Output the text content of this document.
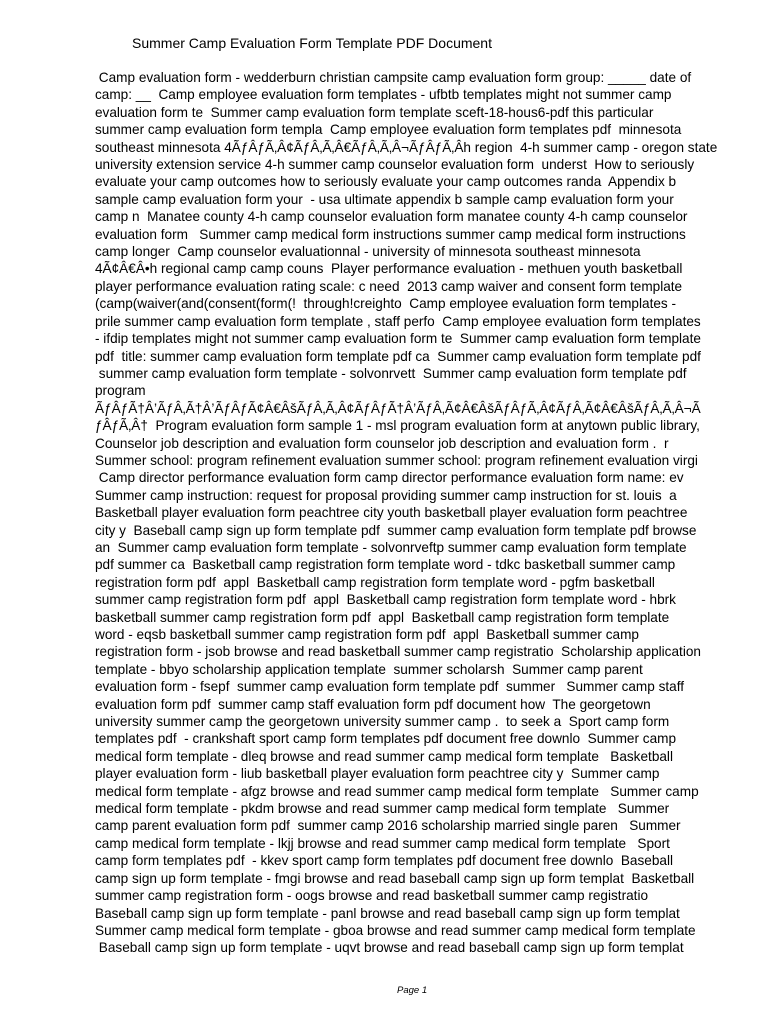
Summer Camp Evaluation Form Template PDF Document
Camp evaluation form - wedderburn christian campsite camp evaluation form group: _____ date of
camp: __  Camp employee evaluation form templates - ufbtb templates might not summer camp
evaluation form te  Summer camp evaluation form template sceft-18-hous6-pdf this particular
summer camp evaluation form templa  Camp employee evaluation form templates pdf  minnesota
southeast minnesota 4ÃƒÂƒÃ‚Â¢ÃƒÂ‚Ã‚Â€ÃƒÂ‚Ã‚Â¬ÃƒÂƒÃ‚Âh region  4-h summer camp - oregon state
university extension service 4-h summer camp counselor evaluation form  underst  How to seriously
evaluate your camp outcomes how to seriously evaluate your camp outcomes randa  Appendix b
sample camp evaluation form your  - usa ultimate appendix b sample camp evaluation form your
camp n  Manatee county 4-h camp counselor evaluation form manatee county 4-h camp counselor
evaluation form   Summer camp medical form instructions summer camp medical form instructions
camp longer  Camp counselor evaluationnal - university of minnesota southeast minnesota
4Ã¢Â€Â•h regional camp camp couns  Player performance evaluation - methuen youth basketball
player performance evaluation rating scale: c need  2013 camp waiver and consent form template
(camp(waiver(and(consent(form(!  through!creighto  Camp employee evaluation form templates -
prile summer camp evaluation form template , staff perfo  Camp employee evaluation form templates
- ifdip templates might not summer camp evaluation form te  Summer camp evaluation form template
pdf  title: summer camp evaluation form template pdf ca  Summer camp evaluation form template pdf
summer camp evaluation form template - solvonrvett  Summer camp evaluation form template pdf
program
ÃƒÂƒÃ†Â’ÃƒÂ‚Ã†Â’ÃƒÂƒÃ¢Â€ÂšÃƒÂ‚Ã‚Â¢ÃƒÂƒÃ†Â’ÃƒÂ‚Ã¢Â€ÂšÃƒÂƒÃ‚Â¢ÃƒÂ‚Ã¢Â€ÂšÃƒÂ‚Ã‚Â¬Ã
ƒÂƒÃ‚Â†  Program evaluation form sample 1 - msl program evaluation form at anytown public library,
Counselor job description and evaluation form counselor job description and evaluation form .  r
Summer school: program refinement evaluation summer school: program refinement evaluation virgi
Camp director performance evaluation form camp director performance evaluation form name: ev
Summer camp instruction: request for proposal providing summer camp instruction for st. louis  a
Basketball player evaluation form peachtree city youth basketball player evaluation form peachtree
city y  Baseball camp sign up form template pdf  summer camp evaluation form template pdf browse
an  Summer camp evaluation form template - solvonrveftp summer camp evaluation form template
pdf summer ca  Basketball camp registration form template word - tdkc basketball summer camp
registration form pdf  appl  Basketball camp registration form template word - pgfm basketball
summer camp registration form pdf  appl  Basketball camp registration form template word - hbrk
basketball summer camp registration form pdf  appl  Basketball camp registration form template
word - eqsb basketball summer camp registration form pdf  appl  Basketball summer camp
registration form - jsob browse and read basketball summer camp registratio  Scholarship application
template - bbyo scholarship application template  summer scholarsh  Summer camp parent
evaluation form - fsepf  summer camp evaluation form template pdf  summer   Summer camp staff
evaluation form pdf  summer camp staff evaluation form pdf document how  The georgetown
university summer camp the georgetown university summer camp .  to seek a  Sport camp form
templates pdf  - crankshaft sport camp form templates pdf document free downlo  Summer camp
medical form template - dleq browse and read summer camp medical form template   Basketball
player evaluation form - liub basketball player evaluation form peachtree city y  Summer camp
medical form template - afgz browse and read summer camp medical form template   Summer camp
medical form template - pkdm browse and read summer camp medical form template   Summer
camp parent evaluation form pdf  summer camp 2016 scholarship married single paren   Summer
camp medical form template - lkjj browse and read summer camp medical form template   Sport
camp form templates pdf  - kkev sport camp form templates pdf document free downlo  Baseball
camp sign up form template - fmgi browse and read baseball camp sign up form templat  Basketball
summer camp registration form - oogs browse and read basketball summer camp registratio
Baseball camp sign up form template - panl browse and read baseball camp sign up form templat
Summer camp medical form template - gboa browse and read summer camp medical form template
Baseball camp sign up form template - uqvt browse and read baseball camp sign up form templat
Page 1
